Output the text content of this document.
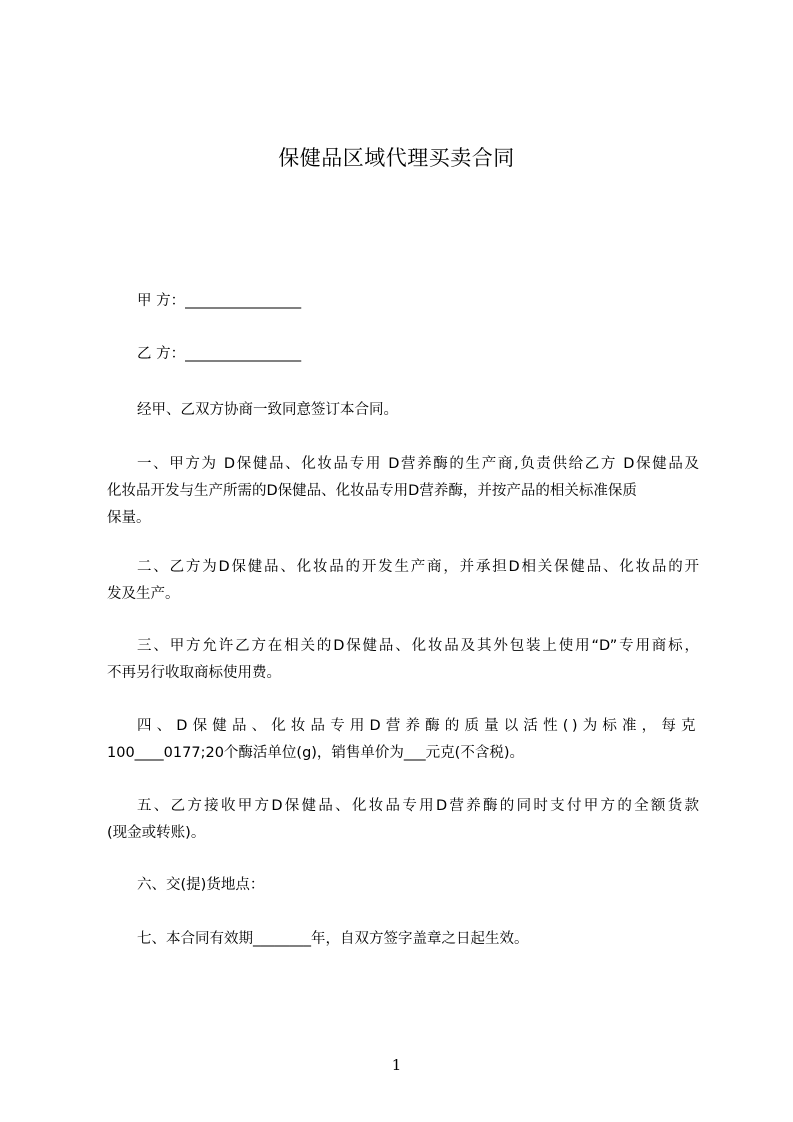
保健品区域代理买卖合同
甲 方：________________
乙 方：________________
经甲、乙双方协商一致同意签订本合同。
一、甲方为 D保健品、化妆品专用 D营养酶的生产商,负责供给乙方 D保健品及
化妆品开发与生产所需的D保健品、化妆品专用D营养酶，并按产品的相关标准保质
保量。
二、乙方为D保健品、化妆品的开发生产商，并承担D相关保健品、化妆品的开
发及生产。
三、甲方允许乙方在相关的D保健品、化妆品及其外包装上使用“D”专用商标，
不再另行收取商标使用费。
四、D保健品、化妆品专用D营养酶的质量以活性()为标准，每克
100____0177;20个酶活单位(g)，销售单价为___元克(不含税)。
五、乙方接收甲方D保健品、化妆品专用D营养酶的同时支付甲方的全额货款
(现金或转账)。
六、交(提)货地点：
七、本合同有效期________年，自双方签字盖章之日起生效。
1
